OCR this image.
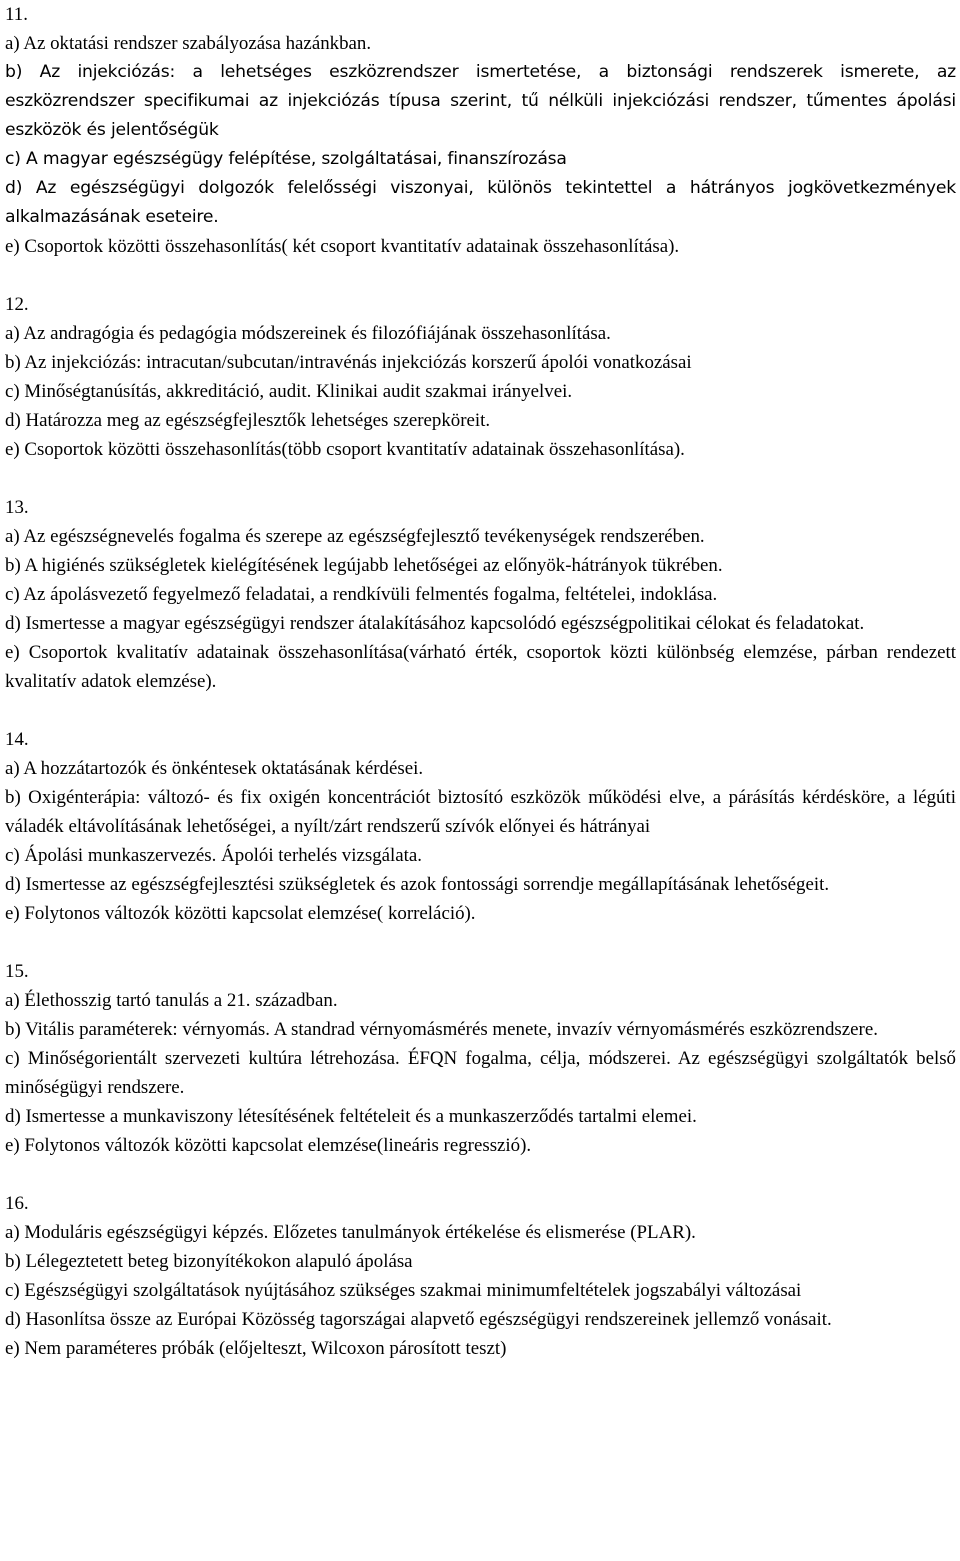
11.

a) Az oktatási rendszer szabályozása hazánkban.

b) Az injekciózás: a lehetséges eszközrendszer ismertetése, a biztonsági rendszerek ismerete, az eszközrendszer specifikumai az injekciózás típusa szerint, tű nélküli injekciózási rendszer, tűmentes ápolási eszközök és jelentőségük

c) A magyar egészségügy felépítése, szolgáltatásai, finanszírozása

d) Az egészségügyi dolgozók felelősségi viszonyai, különös tekintettel a hátrányos jogkövetkezmények alkalmazásának eseteire.

e) Csoportok közötti összehasonlítás( két csoport kvantitatív adatainak összehasonlítása).

12.

a) Az andragógia és pedagógia módszereinek és filozófiájának összehasonlítása.

b) Az injekciózás: intracutan/subcutan/intravénás injekciózás korszerű ápolói vonatkozásai

c) Minőségtanúsítás, akkreditáció, audit. Klinikai audit szakmai irányelvei.

d) Határozza meg az egészségfejlesztők lehetséges szerepköreit.

e) Csoportok közötti összehasonlítás(több csoport kvantitatív adatainak összehasonlítása).

13.

a) Az egészségnevelés fogalma és szerepe az egészségfejlesztő tevékenységek rendszerében.

b) A higiénés szükségletek kielégítésének legújabb lehetőségei az előnyök-hátrányok tükrében.

c) Az ápolásvezető fegyelmező feladatai, a rendkívüli felmentés fogalma, feltételei, indoklása.

d) Ismertesse a magyar egészségügyi rendszer átalakításához kapcsolódó egészségpolitikai célokat és feladatokat.

e) Csoportok kvalitatív adatainak összehasonlítása(várható érték, csoportok közti különbség elemzése, párban rendezett kvalitatív adatok elemzése).

14.

a) A hozzátartozók és önkéntesek oktatásának kérdései.

b) Oxigénterápia: változó- és fix oxigén koncentrációt biztosító eszközök működési elve, a párásítás kérdésköre, a légúti váladék eltávolításának lehetőségei, a nyílt/zárt rendszerű szívók előnyei és hátrányai

c) Ápolási munkaszervezés. Ápolói terhelés vizsgálata.

d) Ismertesse az egészségfejlesztési szükségletek és azok fontossági sorrendje megállapításának lehetőségeit.

e) Folytonos változók közötti kapcsolat elemzése( korreláció).

15.

a) Élethosszig tartó tanulás a 21. században.

b) Vitális paraméterek: vérnyomás. A standrad vérnyomásmérés menete, invazív vérnyomásmérés eszközrendszere.

c) Minőségorientált szervezeti kultúra létrehozása. ÉFQN fogalma, célja, módszerei. Az egészségügyi szolgáltatók belső minőségügyi rendszere.

d) Ismertesse a munkaviszony létesítésének feltételeit és a munkaszerződés tartalmi elemei.

e) Folytonos változók közötti kapcsolat elemzése(lineáris regresszió).

16.

a) Moduláris egészségügyi képzés. Előzetes tanulmányok értékelése és elismerése (PLAR).

b) Lélegeztetett beteg bizonyítékokon alapuló ápolása

c) Egészségügyi szolgáltatások nyújtásához szükséges szakmai minimumfeltételek jogszabályi változásai

d) Hasonlítsa össze az Európai Közösség tagországai alapvető egészségügyi rendszereinek jellemző vonásait.

e) Nem paraméteres próbák (előjelteszt, Wilcoxon párosított teszt)
